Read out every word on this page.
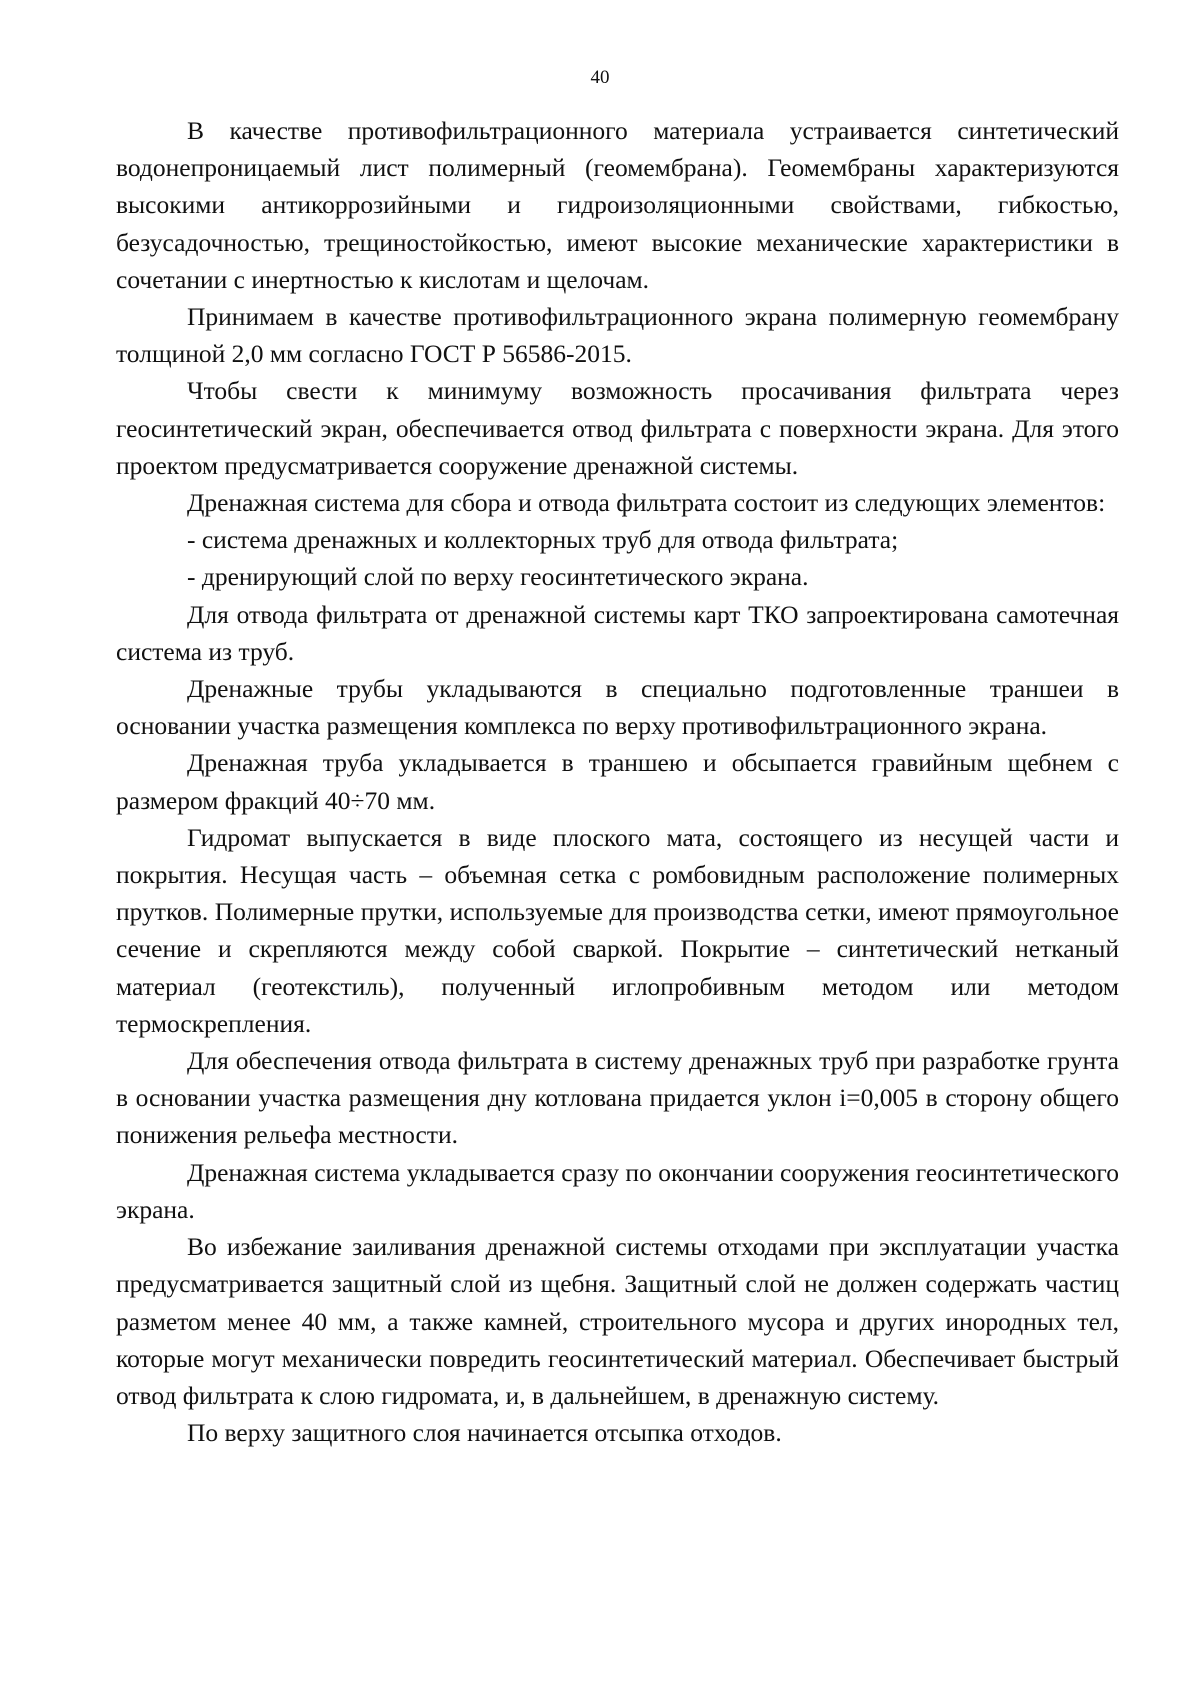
40

В качестве противофильтрационного материала устраивается синтетический водонепроницаемый лист полимерный (геомембрана). Геомембраны характеризуются высокими антикоррозийными и гидроизоляционными свойствами, гибкостью, безусадочностью, трещиностойкостью, имеют высокие механические характеристики в сочетании с инертностью к кислотам и щелочам.

Принимаем в качестве противофильтрационного экрана полимерную геомембрану толщиной 2,0 мм согласно ГОСТ Р 56586-2015.

Чтобы свести к минимуму возможность просачивания фильтрата через геосинтетический экран, обеспечивается отвод фильтрата с поверхности экрана. Для этого проектом предусматривается сооружение дренажной системы.

Дренажная система для сбора и отвода фильтрата состоит из следующих элементов:

- система дренажных и коллекторных труб для отвода фильтрата;

- дренирующий слой по верху геосинтетического экрана.

Для отвода фильтрата от дренажной системы карт ТКО запроектирована самотечная система из труб.

Дренажные трубы укладываются в специально подготовленные траншеи в основании участка размещения комплекса по верху противофильтрационного экрана.

Дренажная труба укладывается в траншею и обсыпается гравийным щебнем с размером фракций 40÷70 мм.

Гидромат выпускается в виде плоского мата, состоящего из несущей части и покрытия. Несущая часть – объемная сетка с ромбовидным расположение полимерных прутков. Полимерные прутки, используемые для производства сетки, имеют прямоугольное сечение и скрепляются между собой сваркой. Покрытие – синтетический нетканый материал (геотекстиль), полученный иглопробивным методом или методом термоскрепления.

Для обеспечения отвода фильтрата в систему дренажных труб при разработке грунта в основании участка размещения дну котлована придается уклон i=0,005 в сторону общего понижения рельефа местности.

Дренажная система укладывается сразу по окончании сооружения геосинтетического экрана.

Во избежание заиливания дренажной системы отходами при эксплуатации участка предусматривается защитный слой из щебня. Защитный слой не должен содержать частиц разметом менее 40 мм, а также камней, строительного мусора и других инородных тел, которые могут механически повредить геосинтетический материал. Обеспечивает быстрый отвод фильтрата к слою гидромата, и, в дальнейшем, в дренажную систему.

По верху защитного слоя начинается отсыпка отходов.
